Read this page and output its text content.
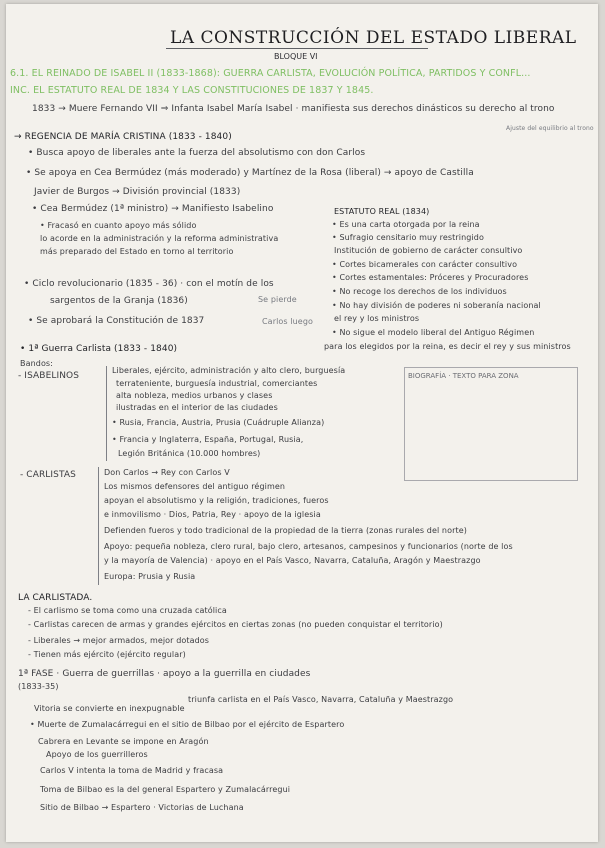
LA CONSTRUCCIÓN DEL ESTADO LIBERAL
BLOQUE VI
6.1. EL REINADO DE ISABEL II (1833-1868): GUERRA CARLISTA, EVOLUCIÓN POLÍTICA, PARTIDOS Y CONFL...
INC. EL ESTATUTO REAL DE 1834 Y LAS CONSTITUCIONES DE 1837 Y 1845.
1833 → Muere Fernando VII ⇒ Infanta Isabel María Isabel · manifiesta sus derechos dinásticos su derecho al trono
→ REGENCIA DE MARÍA CRISTINA (1833 - 1840)
• Busca apoyo de liberales ante la fuerza del absolutismo con don Carlos
• Se apoya en Cea Bermúdez (más moderado) y Martínez de la Rosa (liberal) → apoyo de Castilla
Javier de Burgos → División provincial (1833)
• Cea Bermúdez (1ª ministro) → Manifiesto Isabelino
• Fracasó en cuanto apoyo más sólido
lo acorde en la administración y la reforma administrativa
más preparado del Estado en torno al territorio
• Ciclo revolucionario (1835 - 36) · con el motín de los
sargentos de la Granja (1836)
• Se aprobará la Constitución de 1837
• 1ª Guerra Carlista (1833 - 1840)
Bandos:
- ISABELINOS
Liberales, ejército, administración y alto clero, burguesía
terrateniente, burguesía industrial, comerciantes
alta nobleza, medios urbanos y clases
ilustradas en el interior de las ciudades
• Rusia, Francia, Austria, Prusia (Cuádruple Alianza)
• Francia y Inglaterra, España, Portugal, Rusia,
Legión Británica (10.000 hombres)
- CARLISTAS	Don Carlos → Rey con Carlos V
Los mismos defensores del antiguo régimen
apoyan el absolutismo y la religión, tradiciones, fueros
e inmovilismo · Dios, Patria, Rey · apoyo de la iglesia
Defienden fueros y todo tradicional de la propiedad de la tierra (zonas rurales del norte)
Apoyo: pequeña nobleza, clero rural, bajo clero, artesanos, campesinos y funcionarios (norte de los
y la mayoría de Valencia) · apoyo en el País Vasco, Navarra, Cataluña, Aragón y Maestrazgo
Europa: Prusia y Rusia
LA CARLISTADA.
- El carlismo se toma como una cruzada católica
- Carlistas carecen de armas y grandes ejércitos en ciertas zonas (no pueden conquistar el territorio)
- Liberales → mejor armados, mejor dotados
- Tienen más ejército (ejército regular)
1ª FASE · Guerra de guerrillas · apoyo a la guerrilla en ciudades
(1833-35)
triunfa carlista en el País Vasco, Navarra, Cataluña y Maestrazgo
Vitoria se convierte en inexpugnable
• Muerte de Zumalacárregui en el sitio de Bilbao por el ejército de Espartero
Cabrera en Levante se impone en Aragón
Apoyo de los guerrilleros
Carlos V intenta la toma de Madrid y fracasa
Toma de Bilbao es la del general Espartero y Zumalacárregui
Sitio de Bilbao → Espartero · Victorias de Luchana
ESTATUTO REAL (1834)
• Es una carta otorgada por la reina
• Sufragio censitario muy restringido
Institución de gobierno de carácter consultivo
• Cortes bicamerales con carácter consultivo
• Cortes estamentales: Próceres y Procuradores
• No recoge los derechos de los individuos
• No hay división de poderes ni soberanía nacional
el rey y los ministros
• No sigue el modelo liberal del Antiguo Régimen
para los elegidos por la reina, es decir el rey y sus ministros
Se pierde
Carlos luego
Ajuste del equilibrio al trono
BIOGRAFÍA · TEXTO PARA ZONA
